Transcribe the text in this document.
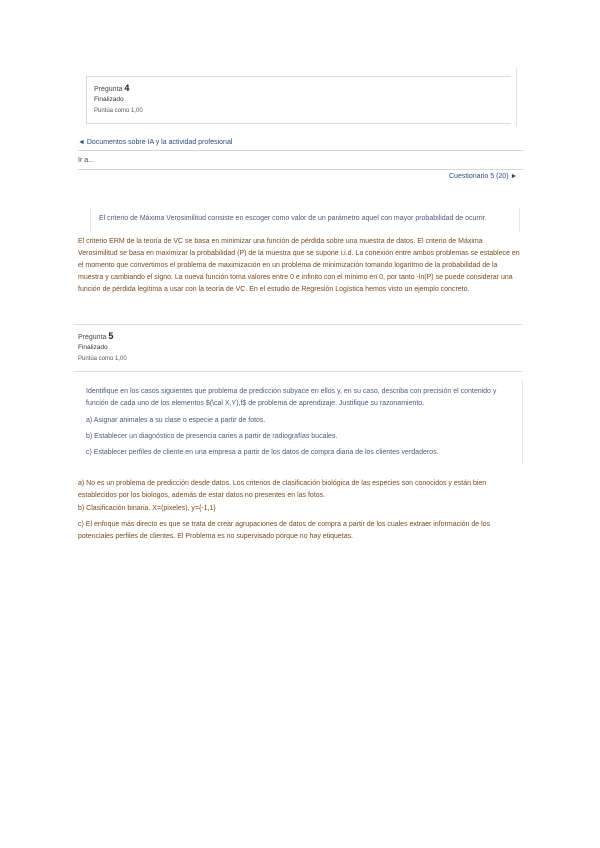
Pregunta 4
Finalizado
Puntúa como 1,00
◄ Documentos sobre IA y la actividad profesional
Ir a...
Cuestionario 5 (20) ►
El criterio de Máxima Verosimilitud consiste en escoger como valor de un parámetro aquel con mayor probabilidad de ocurrir.
El criterio ERM de la teoría de VC se basa en minimizar una función de pérdida sobre una muestra de datos. El criterio de Máxima Verosimilitud se basa en maximizar la probabilidad (P) de la muestra que se supone i.i.d. La conexión entre ambos problemas se establece en el momento que convertimos el problema de maximización en un problema de minimización tomando logaritmo de la probabilidad de la muestra y cambiando el signo. La nueva función toma valores entre 0 e infinito con el mínimo en 0, por tanto -ln(P) se puede considerar una función de pérdida legítima a usar con la teoría de VC. En el estudio de Regresión Logística hemos visto un ejemplo concreto.
Pregunta 5
Finalizado
Puntúa como 1,00
Identifique en los casos siguientes que problema de predicción subyace en ellos y, en su caso, describa con precisión el contenido y función de cada uno de los elementos $(\cal X,Y),f$ de problema de aprendizaje. Justifique su razonamiento.
a) Asignar animales a su clase o especie a partir de fotos.
b) Establecer un diagnóstico de presencia caries a partir de radiografías bucales.
c) Establecer perfiles de cliente en una empresa a partir de los datos de compra diaria de los clientes verdaderos.
a) No es un problema de predicción desde datos. Los criterios de clasificación biológica de las especies son conocidos y están bien establecidos por los biologos, además de estar datos no presentes en las fotos.
b) Clasificación binaria. X=(pixeles), y={-1,1}
c) El enfoque más directo es que se trata de crear agrupaciones de datos de compra a partir de los cuales extraer información de los potenciales perfiles de clientes. El Problema es no supervisado porque no hay etiquetas.
